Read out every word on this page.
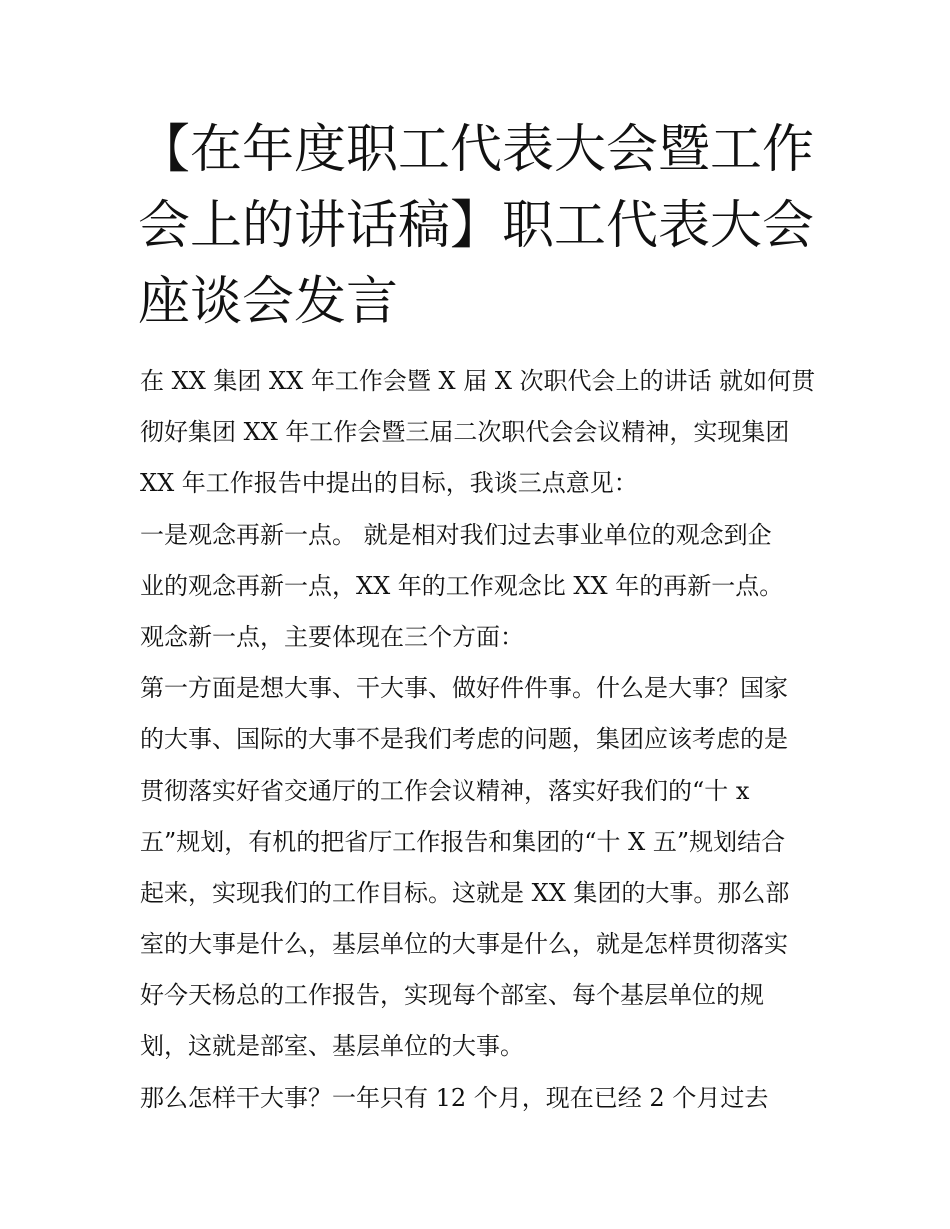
【在年度职工代表大会暨工作
会上的讲话稿】职工代表大会
座谈会发言
在 XX 集团 XX 年工作会暨 X 届 X 次职代会上的讲话 就如何贯
彻好集团 XX 年工作会暨三届二次职代会会议精神，实现集团
XX 年工作报告中提出的目标，我谈三点意见：
一是观念再新一点。 就是相对我们过去事业单位的观念到企
业的观念再新一点，XX 年的工作观念比 XX 年的再新一点。
观念新一点，主要体现在三个方面：
第一方面是想大事、干大事、做好件件事。什么是大事？国家
的大事、国际的大事不是我们考虑的问题，集团应该考虑的是
贯彻落实好省交通厅的工作会议精神，落实好我们的“十 x
五”规划，有机的把省厅工作报告和集团的“十 X 五”规划结合
起来，实现我们的工作目标。这就是 XX 集团的大事。那么部
室的大事是什么，基层单位的大事是什么，就是怎样贯彻落实
好今天杨总的工作报告，实现每个部室、每个基层单位的规
划，这就是部室、基层单位的大事。
那么怎样干大事？一年只有 12 个月，现在已经 2 个月过去
